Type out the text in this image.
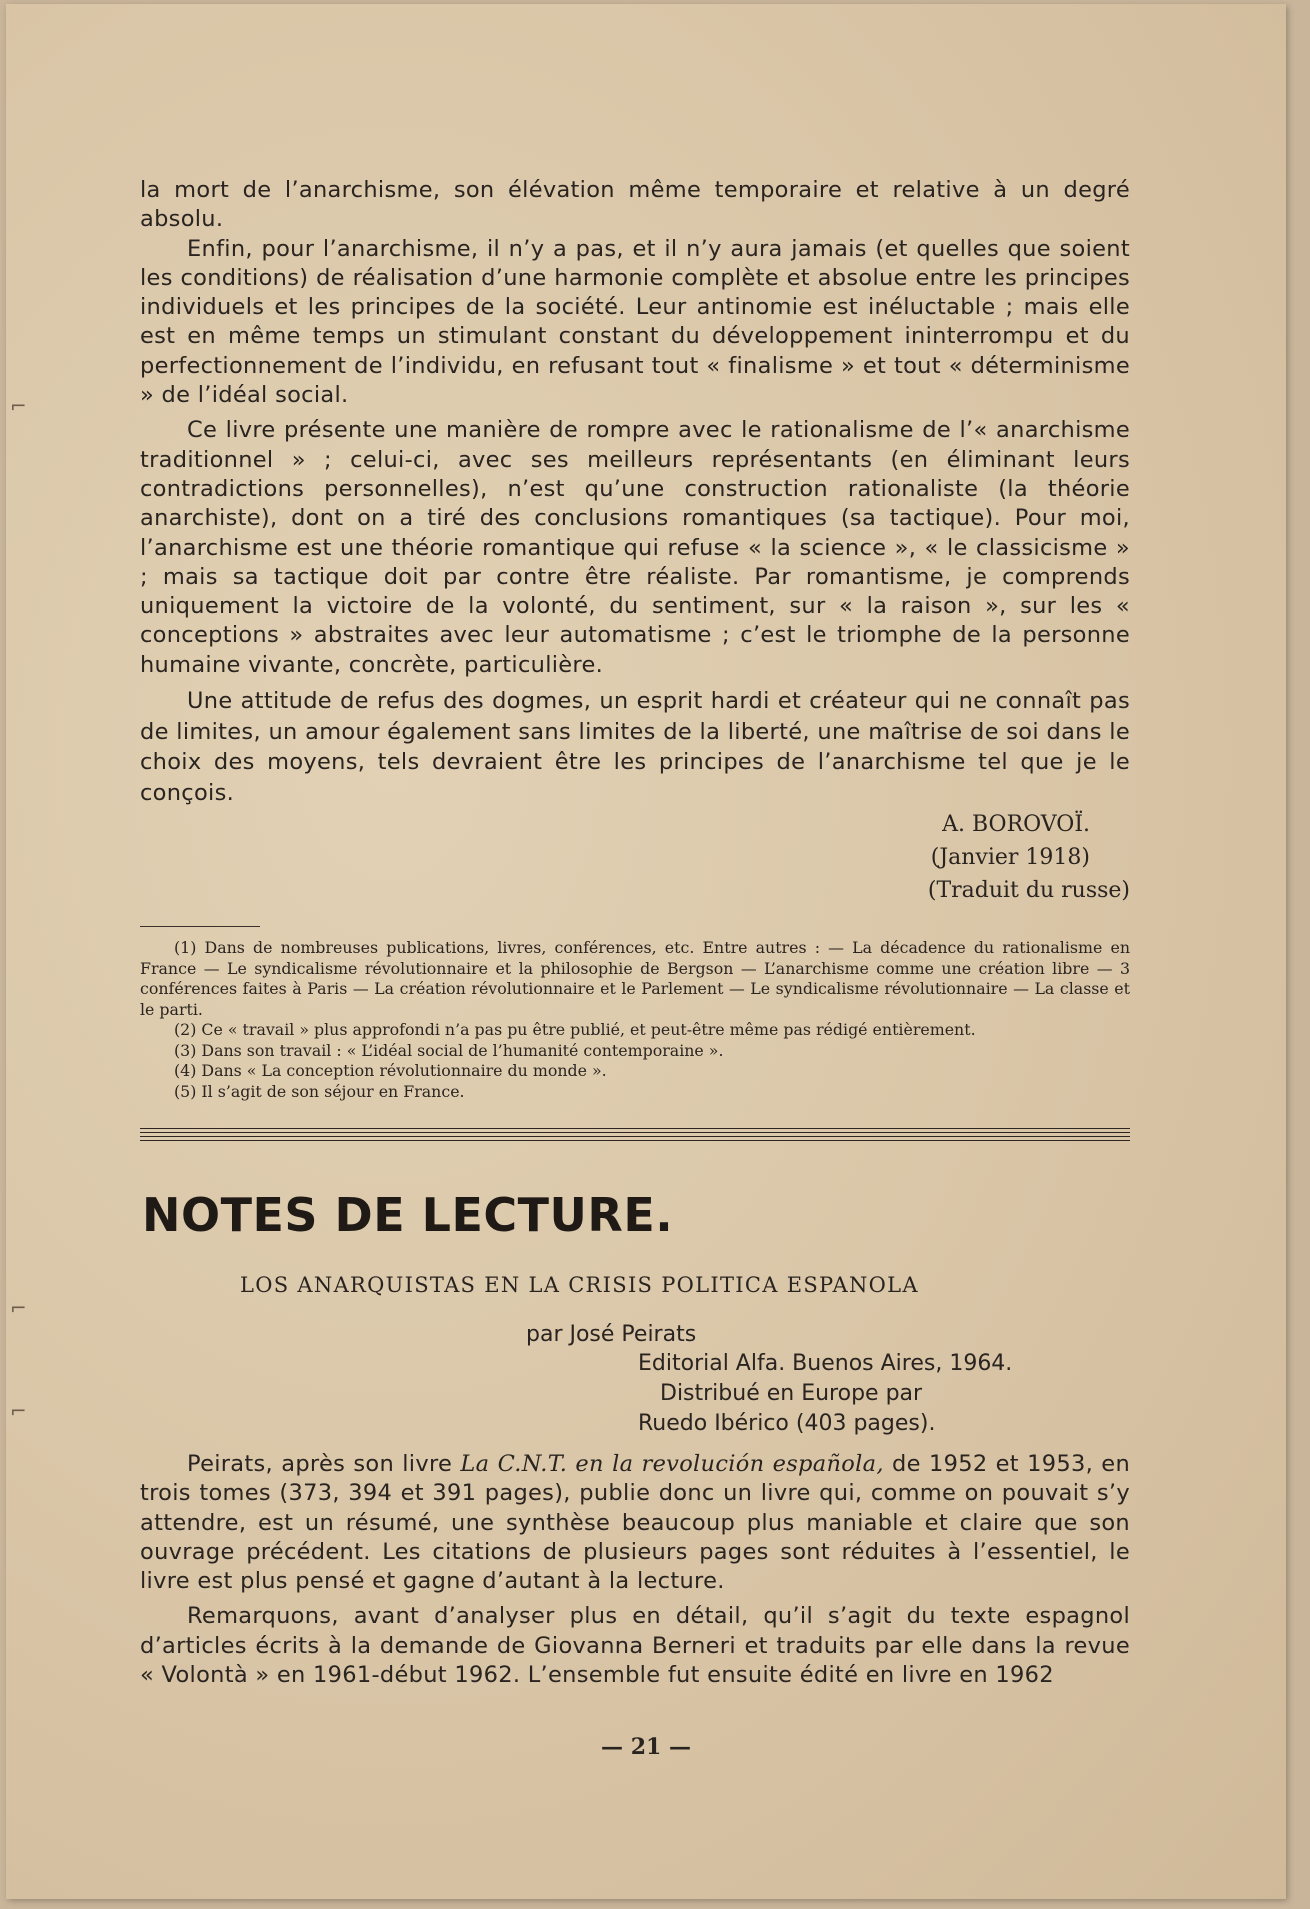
la mort de l’anarchisme, son élévation même temporaire et relative à un degré absolu.

Enfin, pour l’anarchisme, il n’y a pas, et il n’y aura jamais (et quelles que soient les conditions) de réalisation d’une harmonie complète et absolue entre les principes individuels et les principes de la société. Leur antinomie est inéluctable ; mais elle est en même temps un stimulant constant du développement ininterrompu et du perfectionnement de l’individu, en refusant tout « finalisme » et tout « déterminisme » de l’idéal social.

Ce livre présente une manière de rompre avec le rationalisme de l’« anarchisme traditionnel » ; celui-ci, avec ses meilleurs représentants (en éliminant leurs contradictions personnelles), n’est qu’une construction rationaliste (la théorie anarchiste), dont on a tiré des conclusions romantiques (sa tactique). Pour moi, l’anarchisme est une théorie romantique qui refuse « la science », « le classicisme » ; mais sa tactique doit par contre être réaliste. Par romantisme, je comprends uniquement la victoire de la volonté, du sentiment, sur « la raison », sur les « conceptions » abstraites avec leur automatisme ; c’est le triomphe de la personne humaine vivante, concrète, particulière.

Une attitude de refus des dogmes, un esprit hardi et créateur qui ne connaît pas de limites, un amour également sans limites de la liberté, une maîtrise de soi dans le choix des moyens, tels devraient être les principes de l’anarchisme tel que je le conçois.

A. BOROVOÏ.
(Janvier 1918)
(Traduit du russe)

(1) Dans de nombreuses publications, livres, conférences, etc. Entre autres : — La décadence du rationalisme en France — Le syndicalisme révolutionnaire et la philosophie de Bergson — L’anarchisme comme une création libre — 3 conférences faites à Paris — La création révolutionnaire et le Parlement — Le syndicalisme révolutionnaire — La classe et le parti.

(2) Ce « travail » plus approfondi n’a pas pu être publié, et peut-être même pas rédigé entièrement.

(3) Dans son travail : « L’idéal social de l’humanité contemporaine ».

(4) Dans « La conception révolutionnaire du monde ».

(5) Il s’agit de son séjour en France.

NOTES DE LECTURE.
LOS ANARQUISTAS EN LA CRISIS POLITICA ESPANOLA
par José Peirats
Editorial Alfa. Buenos Aires, 1964.
Distribué en Europe par
Ruedo Ibérico (403 pages).

Peirats, après son livre La C.N.T. en la revolución española, de 1952 et 1953, en trois tomes (373, 394 et 391 pages), publie donc un livre qui, comme on pouvait s’y attendre, est un résumé, une synthèse beaucoup plus maniable et claire que son ouvrage précédent. Les citations de plusieurs pages sont réduites à l’essentiel, le livre est plus pensé et gagne d’autant à la lecture.

Remarquons, avant d’analyser plus en détail, qu’il s’agit du texte espagnol d’articles écrits à la demande de Giovanna Berneri et traduits par elle dans la revue « Volontà » en 1961-début 1962. L’ensemble fut ensuite édité en livre en 1962

— 21 —
⌐
⌐
⌐
